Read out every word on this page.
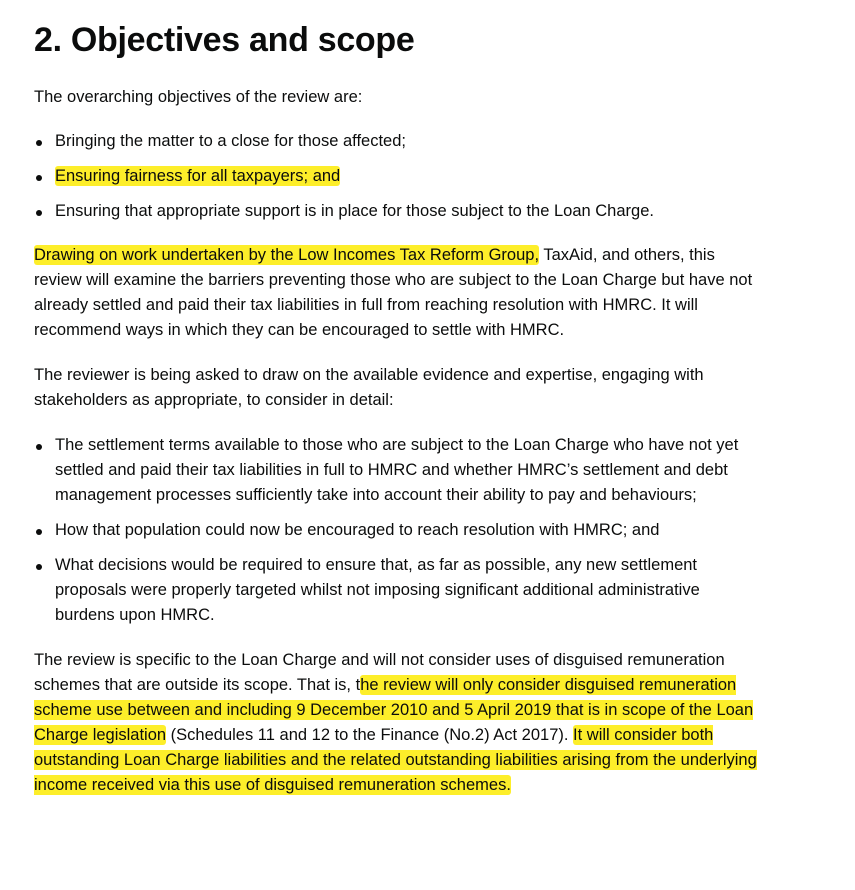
2. Objectives and scope

The overarching objectives of the review are:

Bringing the matter to a close for those affected;
Ensuring fairness for all taxpayers; and
Ensuring that appropriate support is in place for those subject to the Loan Charge.

Drawing on work undertaken by the Low Incomes Tax Reform Group, TaxAid, and others, this review will examine the barriers preventing those who are subject to the Loan Charge but have not already settled and paid their tax liabilities in full from reaching resolution with HMRC. It will recommend ways in which they can be encouraged to settle with HMRC.

The reviewer is being asked to draw on the available evidence and expertise, engaging with stakeholders as appropriate, to consider in detail:

The settlement terms available to those who are subject to the Loan Charge who have not yet settled and paid their tax liabilities in full to HMRC and whether HMRC’s settlement and debt management processes sufficiently take into account their ability to pay and behaviours;
How that population could now be encouraged to reach resolution with HMRC; and
What decisions would be required to ensure that, as far as possible, any new settlement proposals were properly targeted whilst not imposing significant additional administrative burdens upon HMRC.

The review is specific to the Loan Charge and will not consider uses of disguised remuneration schemes that are outside its scope. That is, the review will only consider disguised remuneration scheme use between and including 9 December 2010 and 5 April 2019 that is in scope of the Loan Charge legislation (Schedules 11 and 12 to the Finance (No.2) Act 2017). It will consider both outstanding Loan Charge liabilities and the related outstanding liabilities arising from the underlying income received via this use of disguised remuneration schemes.
